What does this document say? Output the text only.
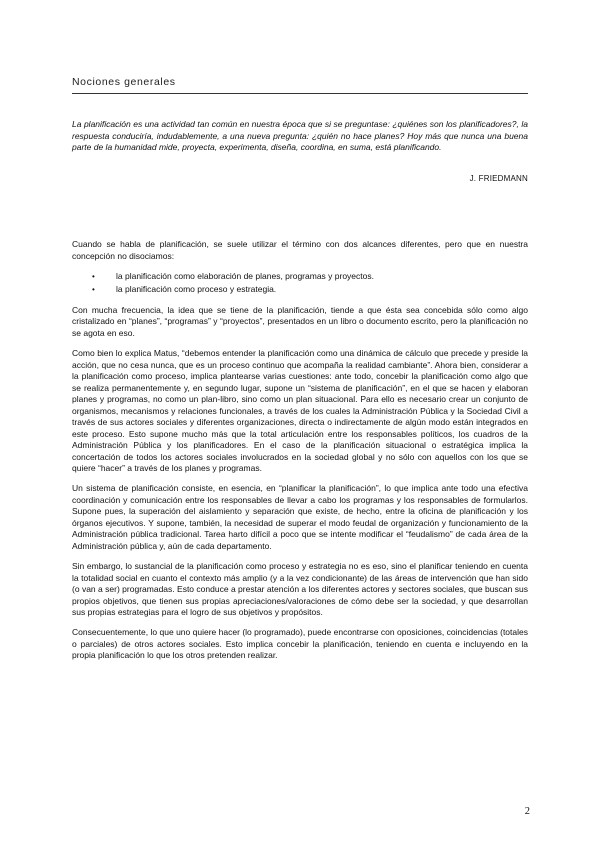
Nociones generales

La planificación es una actividad tan común en nuestra época que si se preguntase: ¿quiénes son los planificadores?, la respuesta conduciría, indudablemente, a una nueva pregunta: ¿quién no hace planes? Hoy más que nunca una buena parte de la humanidad mide, proyecta, experimenta, diseña, coordina, en suma, está planificando.

J. FRIEDMANN

Cuando se habla de planificación, se suele utilizar el término con dos alcances diferentes, pero que en nuestra concepción no disociamos:

• la planificación como elaboración de planes, programas y proyectos.
• la planificación como proceso y estrategia.

Con mucha frecuencia, la idea que se tiene de la planificación, tiende a que ésta sea concebida sólo como algo cristalizado en “planes”, “programas” y “proyectos”, presentados en un libro o documento escrito, pero la planificación no se agota en eso.

Como bien lo explica Matus, “debemos entender la planificación como una dinámica de cálculo que precede y preside la acción, que no cesa nunca, que es un proceso continuo que acompaña la realidad cambiante”. Ahora bien, considerar a la planificación como proceso, implica plantearse varias cuestiones: ante todo, concebir la planificación como algo que se realiza permanentemente y, en segundo lugar, supone un “sistema de planificación”, en el que se hacen y elaboran planes y programas, no como un plan-libro, sino como un plan situacional. Para ello es necesario crear un conjunto de organismos, mecanismos y relaciones funcionales, a través de los cuales la Administración Pública y la Sociedad Civil a través de sus actores sociales y diferentes organizaciones, directa o indirectamente de algún modo están integrados en este proceso. Esto supone mucho más que la total articulación entre los responsables políticos, los cuadros de la Administración Pública y los planificadores. En el caso de la planificación situacional o estratégica implica la concertación de todos los actores sociales involucrados en la sociedad global y no sólo con aquellos con los que se quiere “hacer” a través de los planes y programas.

Un sistema de planificación consiste, en esencia, en “planificar la planificación”, lo que implica ante todo una efectiva coordinación y comunicación entre los responsables de llevar a cabo los programas y los responsables de formularlos. Supone pues, la superación del aislamiento y separación que existe, de hecho, entre la oficina de planificación y los órganos ejecutivos. Y supone, también, la necesidad de superar el modo feudal de organización y funcionamiento de la Administración pública tradicional. Tarea harto difícil a poco que se intente modificar el “feudalismo” de cada área de la Administración pública y, aún de cada departamento.

Sin embargo, lo sustancial de la planificación como proceso y estrategia no es eso, sino el planificar teniendo en cuenta la totalidad social en cuanto el contexto más amplio (y a la vez condicionante) de las áreas de intervención que han sido (o van a ser) programadas. Esto conduce a prestar atención a los diferentes actores y sectores sociales, que buscan sus propios objetivos, que tienen sus propias apreciaciones/valoraciones de cómo debe ser la sociedad, y que desarrollan sus propias estrategias para el logro de sus objetivos y propósitos.

Consecuentemente, lo que uno quiere hacer (lo programado), puede encontrarse con oposiciones, coincidencias (totales o parciales) de otros actores sociales. Esto implica concebir la planificación, teniendo en cuenta e incluyendo en la propia planificación lo que los otros pretenden realizar.

2
